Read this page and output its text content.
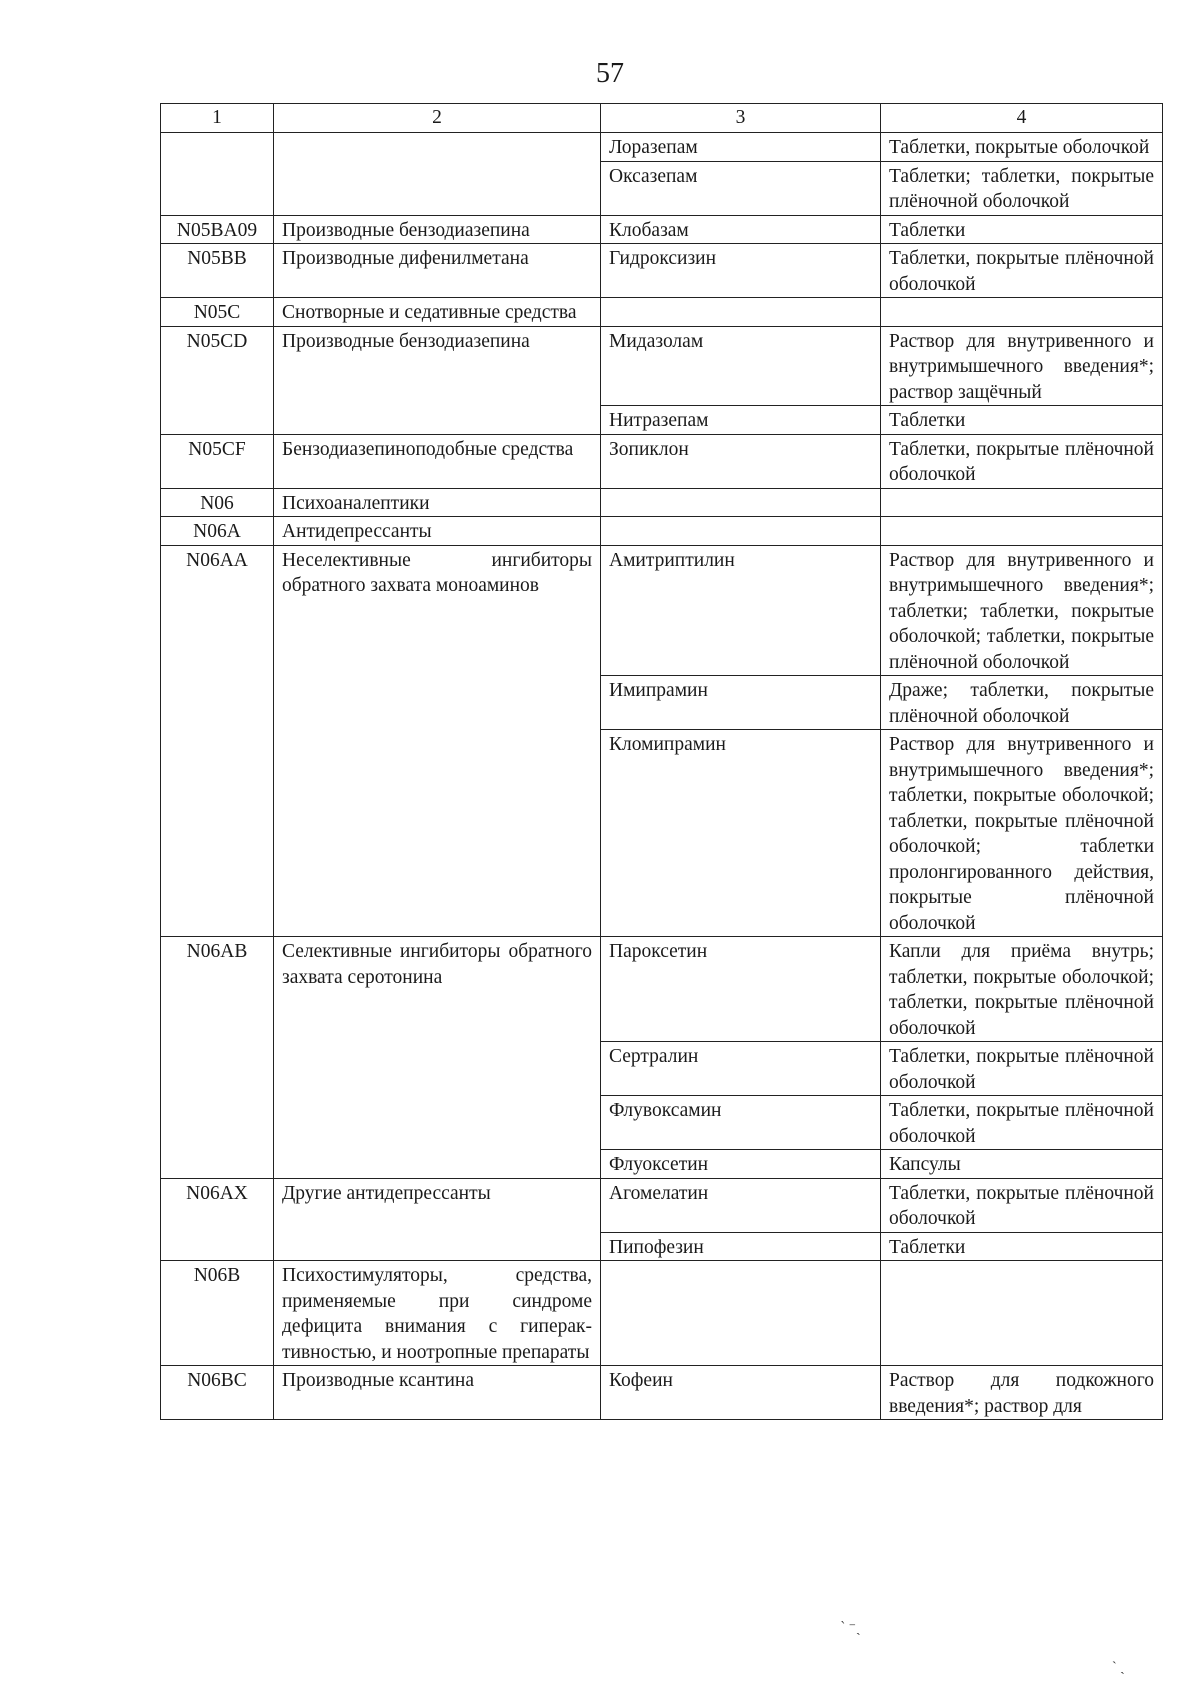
57
1	2	3	4
		Лоразепам	Таблетки, покрытые оболочкой
		Оксазепам	Таблетки; таблетки, покрытые плёночной оболочкой
N05BA09	Производные бензодиазепина	Клобазам	Таблетки
N05BB	Производные дифенилметана	Гидроксизин	Таблетки, покрытые плёночной оболочкой
N05C	Снотворные и седативные средства		
N05CD	Производные бензодиазепина	Мидазолам	Раствор для внутривенного и внутримышечного введения*; раствор защёчный
		Нитразепам	Таблетки
N05CF	Бензодиазепиноподобные средства	Зопиклон	Таблетки, покрытые плёночной оболочкой
N06	Психоаналептики		
N06A	Антидепрессанты		
N06AA	Неселективные ингибиторы обратного захвата моноаминов	Амитриптилин	Раствор для внутривенного и внутримышечного введения*; таблетки; таблетки, покрытые оболочкой; таблетки, покрытые плёночной оболочкой
		Имипрамин	Драже; таблетки, покрытые плёночной оболочкой
		Кломипрамин	Раствор для внутривенного и внутримышечного введения*; таблетки, покрытые оболочкой; таблетки, покрытые плёночной оболочкой; таблетки пролонгированного действия, покрытые плёночной оболочкой
N06AB	Селективные ингибиторы обратного захвата серотонина	Пароксетин	Капли для приёма внутрь; таблетки, покрытые оболочкой; таблетки, покрытые плёночной оболочкой
		Сертралин	Таблетки, покрытые плёночной оболочкой
		Флувоксамин	Таблетки, покрытые плёночной оболочкой
		Флуоксетин	Капсулы
N06AX	Другие антидепрессанты	Агомелатин	Таблетки, покрытые плёночной оболочкой
		Пипофезин	Таблетки
N06B	Психостимуляторы, средства, применяемые при синдроме дефицита внимания с гиперактивностью, и ноотропные препараты		
N06BC	Производные ксантина	Кофеин	Раствор для подкожного введения*; раствор для
՝ ⁻ˏ
ˋ ˎ
